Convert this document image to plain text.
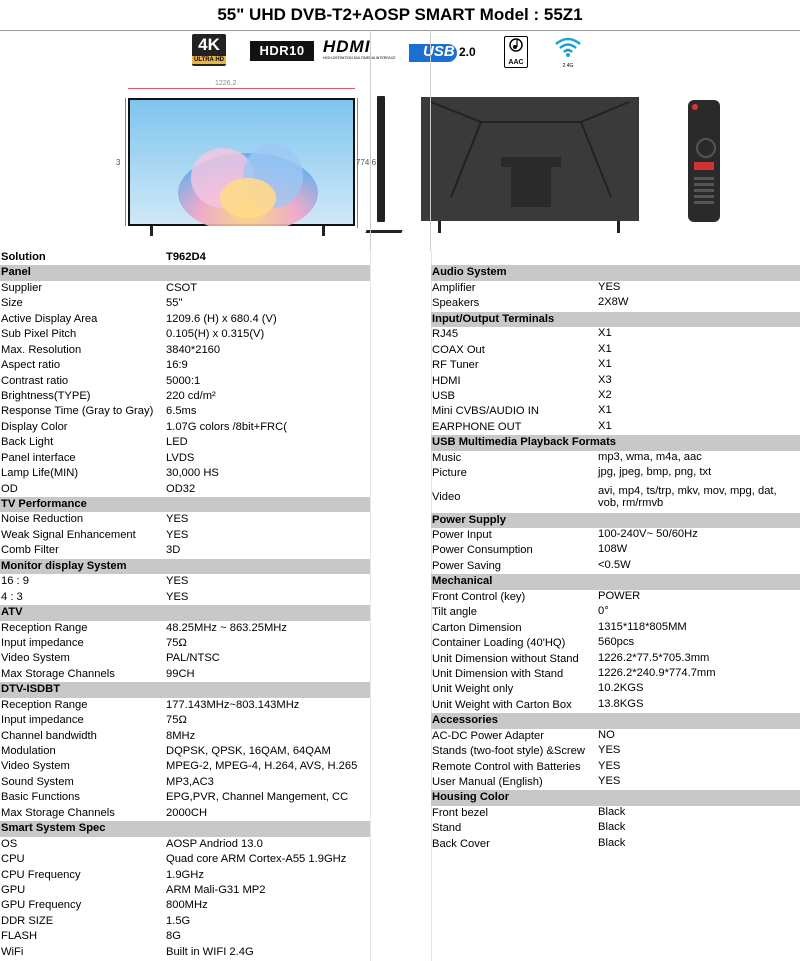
55" UHD DVB-T2+AOSP SMART Model : 55Z1
4K
ULTRA HD
HDR10	HDMI
HIGH-DEFINITION MULTIMEDIA INTERFACE USB 2.0
AAC	2.4G
1226.2
774.6
3
Solution	T962D4
Panel
Supplier	CSOT
Size	55"
Active Display Area	1209.6 (H) x 680.4 (V)
Sub Pixel Pitch	0.105(H) x 0.315(V)
Max. Resolution	3840*2160
Aspect ratio	16:9
Contrast ratio	5000:1
Brightness(TYPE)	220 cd/m²
Response Time (Gray to Gray) 6.5ms
Display Color	1.07G colors /8bit+FRC(
Back Light	LED
Panel interface	LVDS
Lamp Life(MIN)	30,000 HS
OD	OD32
TV Performance
Noise Reduction	YES
Weak Signal Enhancement	YES
Comb Filter	3D
Monitor display System
16 : 9	YES
4 : 3	YES
ATV
Reception Range	48.25MHz ~ 863.25MHz
Input impedance	75Ω
Video System	PAL/NTSC
Max Storage Channels	99CH
DTV-ISDBT
Reception Range	177.143MHz~803.143MHz
Input impedance	75Ω
Channel bandwidth	8MHz
Modulation	DQPSK, QPSK, 16QAM, 64QAM
Video System	MPEG-2, MPEG-4, H.264, AVS, H.265
Sound System	MP3,AC3
Basic Functions	EPG,PVR, Channel Mangement, CC
Max Storage Channels	2000CH
Smart System Spec
OS	AOSP Andriod 13.0
CPU	Quad core ARM Cortex-A55 1.9GHz
CPU Frequency	1.9GHz
GPU	ARM Mali-G31 MP2
GPU Frequency	800MHz
DDR SIZE	1.5G
FLASH	8G
WiFi	Built in WIFI 2.4G
Audio System
Amplifier	YES
Speakers	2X8W
Input/Output Terminals
RJ45	X1
COAX Out	X1
RF Tuner	X1
HDMI	X3
USB	X2
Mini CVBS/AUDIO IN	X1
EARPHONE OUT	X1
USB Multimedia Playback Formats
Music	mp3, wma, m4a, aac
Picture	jpg, jpeg, bmp, png, txt
Video	avi, mp4, ts/trp, mkv, mov, mpg, dat, vob, rm/rmvb
Power Supply
Power Input	100-240V~ 50/60Hz
Power Consumption	108W
Power Saving	<0.5W
Mechanical
Front Control (key)	POWER
Tilt angle	0°
Carton Dimension	1315*118*805MM
Container Loading (40'HQ)	560pcs
Unit Dimension without Stand 1226.2*77.5*705.3mm
Unit Dimension with Stand	1226.2*240.9*774.7mm
Unit Weight only	10.2KGS
Unit Weight with Carton Box 13.8KGS
Accessories
AC-DC Power Adapter	NO
Stands (two-foot style) &Screw YES
Remote Control with Batteries YES
User Manual (English)	YES
Housing Color
Front bezel	Black
Stand	Black
Back Cover	Black
